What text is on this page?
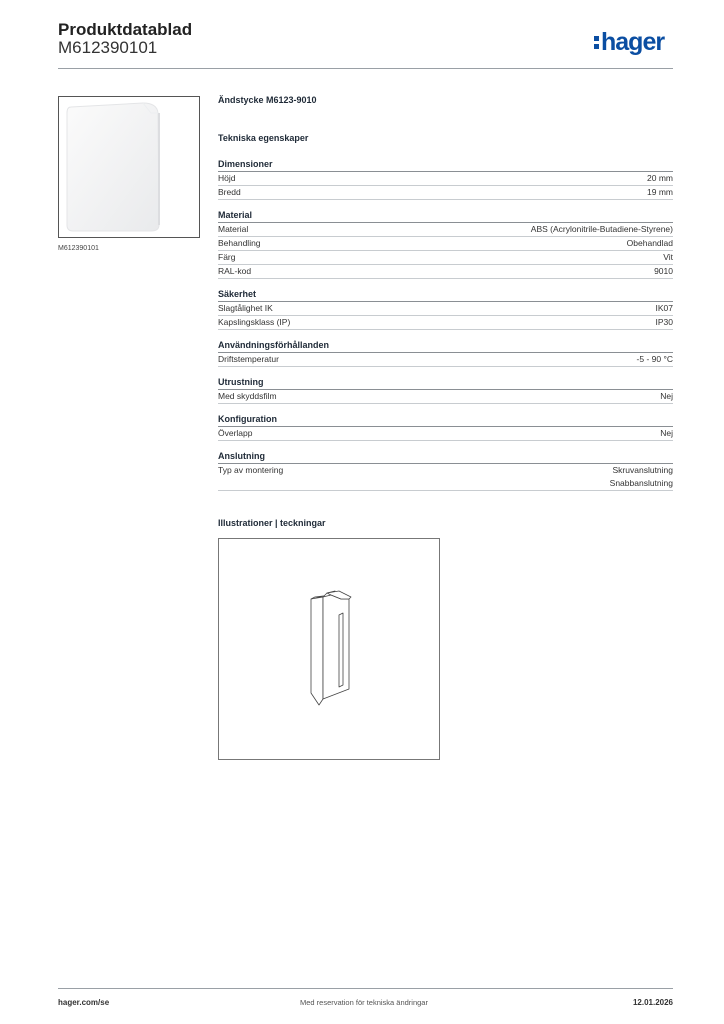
Produktdatablad
M612390101	hager
M612390101
Ändstycke M6123-9010
Tekniska egenskaper
Dimensioner
Höjd	20 mm
Bredd	19 mm
Material
Material	ABS (Acrylonitrile-Butadiene-Styrene)
Behandling	Obehandlad
Färg	Vit
RAL-kod	9010
Säkerhet
Slagtålighet IK	IK07
Kapslingsklass (IP)	IP30
Användningsförhållanden
Driftstemperatur	-5 - 90 °C
Utrustning
Med skyddsfilm	Nej
Konfiguration
Överlapp	Nej
Anslutning
Typ av montering	Skruvanslutning
Snabbanslutning
Illustrationer | teckningar
hager.com/se	Med reservation för tekniska ändringar	12.01.2026
